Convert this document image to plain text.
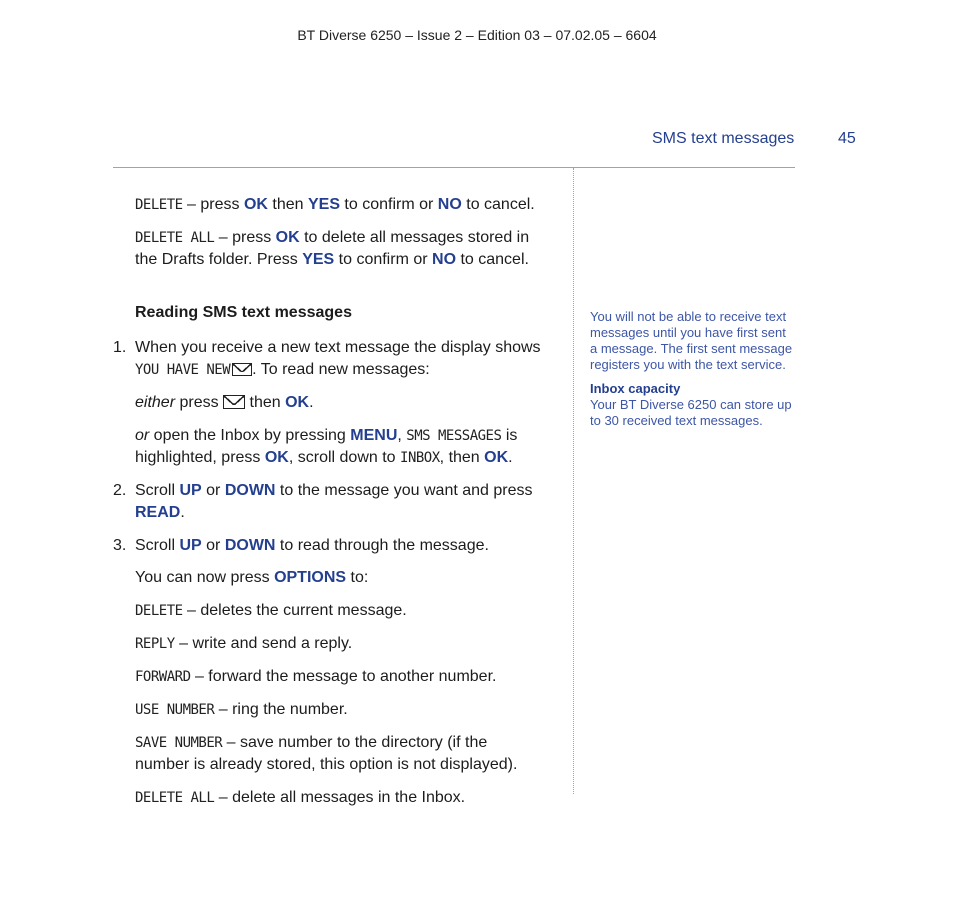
BT Diverse 6250 – Issue 2 – Edition 03 – 07.02.05 – 6604
SMS text messages	45

DELETE – press OK then YES to confirm or NO to cancel.

DELETE ALL – press OK to delete all messages stored in
the Drafts folder. Press YES to confirm or NO to cancel.

Reading SMS text messages
1. When you receive a new text message the display shows
YOU HAVE NEW . To read new messages:

either press  then OK.

or open the Inbox by pressing MENU, SMS MESSAGES is
highlighted, press OK, scroll down to INBOX, then OK.

2. Scroll UP or DOWN to the message you want and press
READ.

3. Scroll UP or DOWN to read through the message.

You can now press OPTIONS to:

DELETE – deletes the current message.

REPLY – write and send a reply.

FORWARD – forward the message to another number.

USE NUMBER – ring the number.

SAVE NUMBER – save number to the directory (if the
number is already stored, this option is not displayed).

DELETE ALL – delete all messages in the Inbox.

You will not be able to receive text
messages until you have first sent
a message. The first sent message
registers you with the text service.

Inbox capacity
Your BT Diverse 6250 can store up
to 30 received text messages.
